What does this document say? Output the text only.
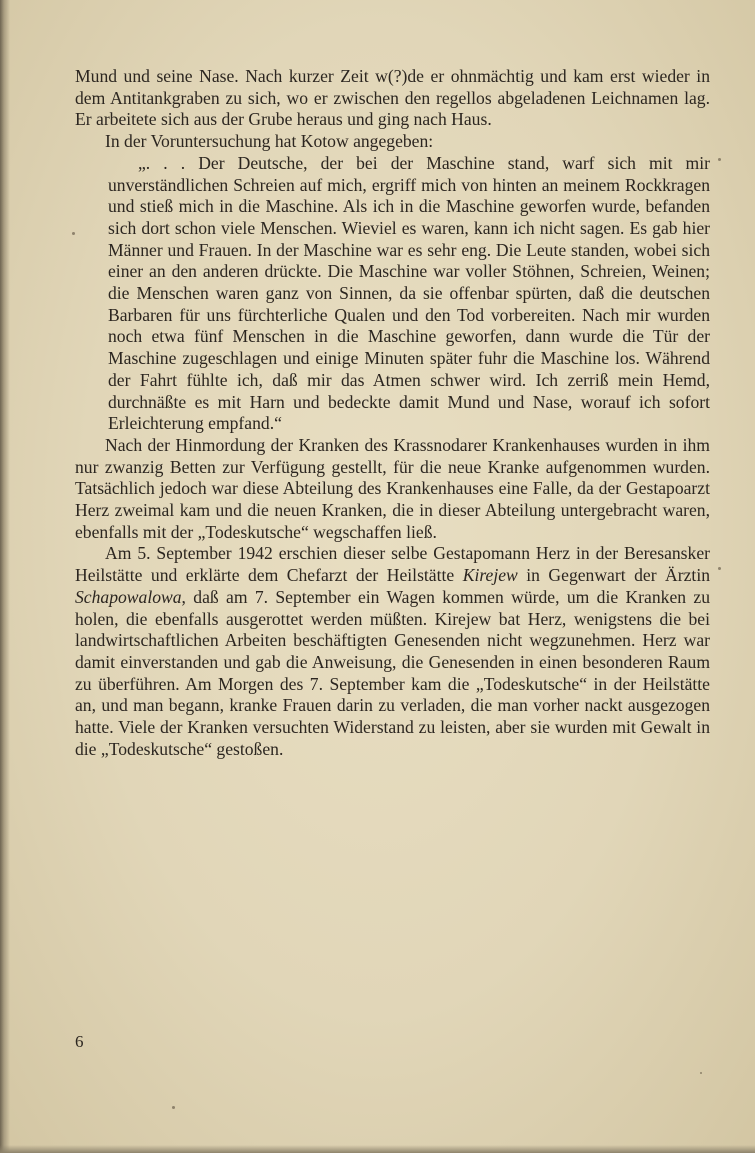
Mund und seine Nase. Nach kurzer Zeit w(?)de er ohnmächtig und kam erst wieder in dem Antitankgraben zu sich, wo er zwischen den regellos abgeladenen Leichnamen lag. Er arbeitete sich aus der Grube heraus und ging nach Haus.

In der Voruntersuchung hat Kotow angegeben:

„. . . Der Deutsche, der bei der Maschine stand, warf sich mit mir unverständlichen Schreien auf mich, ergriff mich von hinten an meinem Rockkragen und stieß mich in die Maschine. Als ich in die Maschine geworfen wurde, befanden sich dort schon viele Menschen. Wieviel es waren, kann ich nicht sagen. Es gab hier Männer und Frauen. In der Maschine war es sehr eng. Die Leute standen, wobei sich einer an den anderen drückte. Die Maschine war voller Stöhnen, Schreien, Weinen; die Menschen waren ganz von Sinnen, da sie offenbar spürten, daß die deutschen Barbaren für uns fürchterliche Qualen und den Tod vorbereiten. Nach mir wurden noch etwa fünf Menschen in die Maschine geworfen, dann wurde die Tür der Maschine zugeschlagen und einige Minuten später fuhr die Maschine los. Während der Fahrt fühlte ich, daß mir das Atmen schwer wird. Ich zerriß mein Hemd, durchnäßte es mit Harn und bedeckte damit Mund und Nase, worauf ich sofort Erleichterung empfand.“

Nach der Hinmordung der Kranken des Krassnodarer Krankenhauses wurden in ihm nur zwanzig Betten zur Verfügung gestellt, für die neue Kranke aufgenommen wurden. Tatsächlich jedoch war diese Abteilung des Krankenhauses eine Falle, da der Gestapoarzt Herz zweimal kam und die neuen Kranken, die in dieser Abteilung untergebracht waren, ebenfalls mit der „Todeskutsche“ wegschaffen ließ.

Am 5. September 1942 erschien dieser selbe Gestapomann Herz in der Beresansker Heilstätte und erklärte dem Chefarzt der Heilstätte Kirejew in Gegenwart der Ärztin Schapowalowa, daß am 7. September ein Wagen kommen würde, um die Kranken zu holen, die ebenfalls ausgerottet werden müßten. Kirejew bat Herz, wenigstens die bei landwirtschaftlichen Arbeiten beschäftigten Genesenden nicht wegzunehmen. Herz war damit einverstanden und gab die Anweisung, die Genesenden in einen besonderen Raum zu überführen. Am Morgen des 7. September kam die „Todeskutsche“ in der Heilstätte an, und man begann, kranke Frauen darin zu verladen, die man vorher nackt ausgezogen hatte. Viele der Kranken versuchten Widerstand zu leisten, aber sie wurden mit Gewalt in die „Todeskutsche“ gestoßen.

6
